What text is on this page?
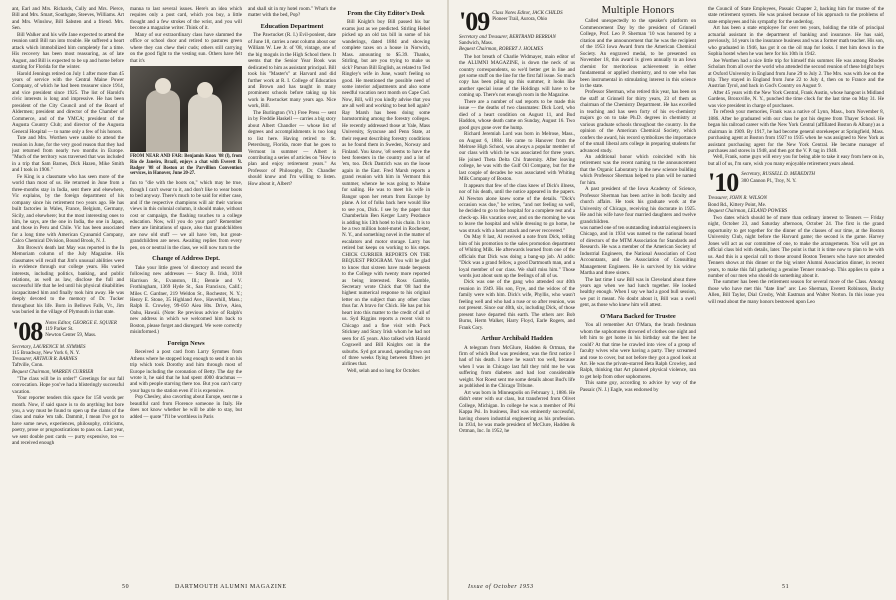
ant, Earl and Mrs. Richards, Cully and Mrs. Pierce, Bill and Mrs. Smart, Southgate, Steeves, Williams. Art and Mrs. Winslow, Bill Sabsten and a friend. Mrs. Sen.

Bill Walker and his wife Jane expected to attend the reunion until Bill ran into trouble. He suffered a heart attack which immobilized him completely for a time. His recovery has been most reassuring, as of late August, and Bill is expected to be up and home before starting for Florida for the winter.

Harold Jennings retired on July 1 after more than 45 years of service with the Central Maine Power Company, of which he had been treasurer since 1914, and vice president since 1925. The list of Harold's civic interests is long and impressive. He has been president of the City Council and of the Board of Aldermen; president and director of the Chamber of Commerce, and of the YMCA; president of the Augusta Country Club; and director of the Augusta General Hospital — to name only a few of his honors.

Tute and Mrs. Worthen were unable to attend the reunion in June, for the very good reason that they had just returned from nearly two months in Europe. "Much of the territory was traversed that was included in a trip that Sam Barnes, Dick Hazen, Mike Smith and I took in 1906."

Fe King is a classmate who has seen more of the world than most of us. He returned in June from a three-months stay in India, sent there and elsewhere, Vic explains, by the foreign department of his company since his retirement two years ago. He has built factories in Wales, France, Belgium, Germany, Sicily, and elsewhere; but the most interesting ones to him, he says, are the one in India, the one in Japan, and those in Peru and Chile. Vic has been associated for a long time with American Cyanamid Company, Calco Chemical Division, Bound Brook, N. J.

Jim Brown's death last May was reported in the In Memoriam column of the July Magazine. His classmates will recall that Jim's unusual abilities were in evidence through our college years. His varied interests, including politics, banking, and public relations, as well as law, disclose the full and successful life that he led until his physical disabilities incapacitated him and finally took him away. He was deeply devoted to the memory of Dr. Tucker throughout his life. Born in Bellows Falls, Vt., Jim was buried in the village of Plymouth in that state.

'08 Notes Editor, GEORGE E. SQUIER
119 Parker St.
Newton Center 59, Mass.
Secretary, LAURENCE M. SYMMES
115 Broadway, New York 6, N. Y.
Treasurer, ARTHUR R. BARNES
Taftville, Conn.
Bequest Chairman, WARREN CURRIER

"The class will be in order!" Greetings for our fall convocation. Hope you've had a blisteringly successful vacation.

Your reporter tenders this space for 150 words per month. Now, if said space is to do anything but bore you, a way must be found to open up the clams of the class and make 'em talk. Dammit, I mean I've got to have some news, experiences, philosophy, criticisms, poetry, prose or prognostications to pass on. Last year, we sent double post cards — purty expensive, too — and received enough

manna to last several issues. Here's an idea which requires only a post card, which you buy, a little thought and a few strokes of the wrist, and you will become a magazine writer. Think of it.

Many of our extraordinary class have slammed the office or school door and retired to pastures green where they can chew their cuds; others still carrying on the good fight to the vesting sun. Others have felt that it's

FROM NEAR AND FAR: Benjamin Knox '08 (l), from Rio de Janeiro, Brazil, enjoys a chat with Everett B. Badger '08 of Boston at the Parvillion Convention services, in Hanover, June 20-27.

fun to "die with the boots on," which may be true, though I can't swear to it, and don't like to wear boots to bed anyway. There's much to be said for either case, and if the respective champions will air their various views in this colonial column, it should make, without cost or campaign, the flashing touches to a college education. Now, will you do your part? Remember there are limitations of space, also that grandchildren are now old stuff — we all have 'em, but great-grandchildren are news. Awaiting replies from every pen, on or neutral in the class, we will now turn to the

Change of Address Dept.

Take your little green 'o! directory and record the following new addresses — Stacy B. Irish, 1018 Harrison St., Evanston, Ill.; Bennie and V. Frothingham, 1369 Hyde St., San Francisco, Calif.; Miles C. Gardner, 219 Weldon St., Rochester, N. Y.; Henry E. Stone, 35 Highland Ave., Haverhill, Mass.; Ralph E. Crowley, 99-050 Aiea Hts. Drive, Aiea, Oahu, Hawaii. (Note: Re previous advice of Ralph's new address in which we welcomed him back to Boston, please forget and disregard. We were correctly misinformed.)

Foreign News

Received a post card from Larry Symmes from Athens where he stopped long enough to send it on his trip which took Dorothy and him through most of Europe including the coronation of Betty. The day the wrote it, he said that he had spent 4000 drachmas — and with people starving there too. But you can't carry your bags to the station even if it is expensive.

Pop Chesley, also cavorting about Europe, sent me a beautiful card from Florence someone in Italy. He does not know whether he will be able to stay, but added — quote "I'll be worthless in Paris

and shall sit in my hotel room." What's the matter with the bed, Pop?

Education Department

The Pawtucket (R. I.) Evil-ponlent, date of June 18, carries a neat column about our William W. Lee Jr. of '08, vintage, one of the big moguls in the High School there. It seems that the Senior Year Book was dedicated to him as assistant principal. Bill took his "Master's" at Harvard and did further work at R. I. College of Education and Brown and has taught in many prominent schools before taking up his work in Pawtucket many years ago. Nice work, Bill.

The Burlington (Vt.) Free Press — sent in by Freddie Haskell — carries a big story about Albert Chandler — whose list of degrees and accomplishments is too long to list here. Having retired to St. Petersburg, Florida, more that he goes to Vermont in summer — Albert is contributing a series of articles on "How to plan and enjoy retirement years." As Professor of Philosophy, Dr. Chandler should know and I'm willing to listen. How about it, Albert?

From the City Editor's Desk

Bill Knight's boy Bill passed his bar exams just as we predicted. Stirling Hebel picked up an old tax bill in some of his wanderings, dated 1884 and showing complete taxes on a house in Norwich, Mass. amounting to $5.39. Thanks, Stirling, but are you trying to make us sick? Parson Bill English, as related to Ted Ringley's wife in June, wasn't feeling so good. He mentioned the possible need of some interior adjustments and also some needful vacation next month on Cape Cod. Now, Bill, will you kindly advise that you are all well and working to beat hell again? Ray Marsh has been doing some barnstorming among the forestry colleges. He recently addressed those at Yale, Mass University, Syracuse and Penn State, at their request describing forestry conditions as he found them in Sweden, Norway and Finland. You know, 'o8 seems to have the best foresters in the country and a lot of 'em, too. Dick Dastrich was on the loose again in the East. Fred Marsh reports a grand reunion with him in Vermont this summer, whence he was going to Maine for sailing. He was to meet his wife in Bangor upon her return from Europe by plane. A lot of folks back here would like to see you, Dick. I see by the paper that Chamberlain Ben Kerger Larry Pezdance is adding his 13th hotel to his chain. It is to be a two million hotel-motel in Rochester, N. Y., and something novel in the matter of escalators and motor storage. Larry has retired but keeps on working to his steps. CHICK CURRIER REPORTS ON THE BEQUEST PROGRAM. You will be glad to know that sixteen have made bequests to the College with twenty more reported as being interested. Ross Gamble, Secretary wrote Chick that '08 had the highest numerical response to his original letter on the subject than any other class thus far. A bravo for Chick. He has put his heart into this matter to the credit of all of us. Syd Riggins reports a recent visit to Chicago and a fine visit with Puck Stickney and Stacy Irish whom he had not seen for 45 years. Also talked with Harold Cogswell and Bill Knights out in the suburbs. Syd got around, spending two out of three weeks flying between fifteen jet airlines that.

Well, selah and so long for October.

'09 Class Notes Editor, JACK CHILDS
Pioneer Trail, Aurora, Ohio
Secretary and Treasurer, BERTRAND BERRIAN
Sandwich, Mass.
Bequest Chairman, ROBERT J. HOLMES

The hot breath of Charlie Widmayer, main editor of the ALUMNI MAGAZINE, is down the neck of us country correspondents, so we'd better get in line and get some stuff on the line for the first fall issue. So much copy has been piling up this summer, it looks like another special issue of the Holdings will have to be coming up. There's not enough room in the Magazine.

There are a number of sad reports to be made this issue — the deaths of two classmates: Dick Lord, who died of a heart condition on August 11, and Bud Haddon, whose death came on Sunday, August 16. Two good guys gone over the hump.

Richard Jeremiah Lord was born in Melrose, Mass., on August 6, 1884. He came to Hanover from the Melrose High School, was always a popular member of our class with which he was associated for three years. He joined Theta Delta Chi fraternity. After leaving college, he was with the Gulf Oil Company, but for the last couple of decades he was associated with Whiting Milk Company of Boston.

It appears that few of the class knew of Dick's illness, nor of his death, until the notice appeared in the papers. Al Newton alone knew some of the details. "Dick's occasion was due," he writes, "and not feeling so well, he decided to go to the hospital for a complete rest and a check-up. His vacation over, and on the morning he was to leave the hospital and while dressing to go home, he was struck with a heart attack and never recovered."

On May 8 last, Al received a note from Dick, telling him of his promotion to the sales promotion department of Whiting Milk. He afterwards learned from one of the officials that Dick was doing a bang-up job. Al adds: "Dick was a grand fellow, a good Dartmouth man, and a loyal member of our class. We shall miss him." Those words just about sum up the feelings of all of us.

Dick was one of the gang who attended our 40th reunion in 1949. His son, Frye, and the widow of the family were with him. Dick's wife, Phyllis, who wasn't feeling well and who had a ruse or so after reunion, was not present. Since our 40th, six, including Dick, of those present have departed this earth. The others are: Bob Burns, Herm Walker, Harry Floyd, Earle Rogers, and Frank Cory.

Arthur Archibald Hadden

A telegram from McGlure, Hadden & Ortman, the firm of which Bud was president, was the first notice I had of his death. I knew he wasn't too well, because when I was in Chicago last fall they told me he was suffering from diabetes and had lost considerable weight. Not Roest sent me some details about Bud's life as published in the Chicago Tribune.

Art was born in Minneapolis on February 1, 1886. He didn't enter with our class, but transferred from Olivet College, Michigan. In college he was a member of Phi Kappa Psi. In business, Bud was eminently successful, having chosen industrial engineering as his profession. In 1934, he was made president of McClure, Hadden & Ortman, Inc. In 1952, he

Multiple Honors

Called unexpectedly to the speaker's platform on Commencement Day by the president of Grinnell College, Prof. Leo P. Sherman '10 was honored by a citation and the announcement that he was the recipient of the 1953 Iowa Award from the American Chemical Society. An engraved medal, to be presented on November 18, this award is given annually to an Iowa chemist for meritorious achievement in either fundamental or applied chemistry, and to one who has been instrumental in stimulating interest in this science in the state.

Professor Sherman, who retired this year, has been on the staff at Grinnell for thirty years, 23 of them as chairman of the Chemistry Department. He has excelled in teaching and has seen forty of his ex-chemistry majors go on to take Ph.D. degrees in chemistry at various graduate schools throughout the country. In the opinion of the American Chemical Society, which confers the award, his record symbolizes the importance of the small liberal arts college in preparing students for advanced study.

An additional honor which coincided with his retirement was the recent naming to the announcement that the Organic Laboratory in the new science building which Professor Sherman helped to plan will be named for him.

A past president of the Iowa Academy of Science, Professor Sherman has been active in both faculty and church affairs. He took his graduate work at the University of Chicago, receiving his doctorate in 1925. He and his wife have four married daughters and twelve grandchildren.

was named one of ten outstanding industrial engineers in Chicago, and in 1934 was named to the national board of directors of the MTM Association for Standards and Research. He was a member of the American Society of Industrial Engineers, the National Association of Cost Accountants, and the Association of Consulting Management Engineers. He is survived by his widow Martha and three sisters.

The last time I saw Bill was in Cleveland about three years ago when we had lunch together. He looked healthy enough. When I say we had a good bull session, we put it meant. No doubt about it, Bill was a swell gent, as those who knew him will attest.

O'Mara Backed for Trustee

You all remember Art O'Mara, the brash freshman whom the sophomores drowned of clothes one night and left him to get home in his birthday suit the best he could? At that time he crawled into view of a group of faculty wives who were having a party. They screamed and rose to cover, but not before they got a good look at Art. He was the private-starred Beta Ralph Crowley, and Ralph, thinking that Art planned physical violence, ran to get help from other sophomores.

This same guy, according to advice by way of the Passaic (N. J.) Eagle, was endorsed by

the Council of State Employees, Passaic Chapter 2, backing him for trustee of the state retirement system. He was praised because of his approach to the problems of state employees and his sympathy for the underdog.

Art has been a state employee for over ten years, holding the title of principal actuarial assistant in the department of banking and insurance. He has said, previously, 14 years in the insurance business and was a former math teacher. His son, who graduated in 1946, has got it on the oil map for looks. I met him down in the Sophia hostel when he was here for his 10th in 1942.

Joe Worthen had a nice little trip for himself this summer. He was among Rhodes Scholars from all over the world who attended the second reunion of these bright boys at Oxford University in England from June 29 to July 2. The Mrs. was with Joe on the trip. They stayed in England from June 22 to July 4, then on to France and the Austrian Tyrol, and back in God's Country on August 9.

After 45 years with the New York Central, Frank Austin, whose hangout is Midland Gardens, Bronxville, N. Y., punched the time clock for the last time on May 31. He was vice president in charge of purchases.

To refresh your memories, Frank was a native of Lynn, Mass., born November 8, 1886. After he graduated with our class he got his degree from Thayer School. He began his railroad career with the New York Central (affiliated Boston & Albany) as a chairman in 1909. By 1917, he had become general storekeeper at Springfield, Mass. purchasing agent at Boston from 1927 to 1935 when he was assigned to New York as assistant purchasing agent for the New York Central. He became manager of purchases and stores in 1948, and then got the V. P. tag in 1948.

Well, Frank, some guys will envy you for being able to take it easy from here on in, but all of us, I'm sure, wish you many enjoyable retirement years ahead.

'10 Secretary, RUSSELL D. MEREDITH
300 Cannon Pl., Troy, N. Y.
Treasurer, JOHN R. WILSON
Bond Rd., Kittery Point, Me.
Bequest Chairman, LELAND POWERS

Two dates which should be of more than ordinary interest to Tenners — Friday night, October 23, and Saturday afternoon, October 24. The first is the grand opportunity to get together for the dinner of the classes of our time, at the Boston University Club, night before the Harvard game; the second is the game. Harvey Jones will act as our committee of one, to make the arrangements. You will get an official class bid with details, later. The point is that it is time now to plan to be with us. And this is a special call to those around Boston Tenners who have not attended Tenners shows at this dinner or the big winter Alumni Association dinner, in recent years, to make this fall gathering a genuine Tenner round-up. This applies to quite a number of our men who should do something about it.

The summer has been the retirement season for several more of the Class. Among those who have met this "date line" are: Leo Sherman, Everett Robinson, Bucky Allen, Bill Taylor, Dial Crosby, Walt Eastman and Walter Norton. In this issue you will read about the many honors bestowed upon Leo

50	DARTMOUTH ALUMNI MAGAZINE	Issue of October 1953	51
